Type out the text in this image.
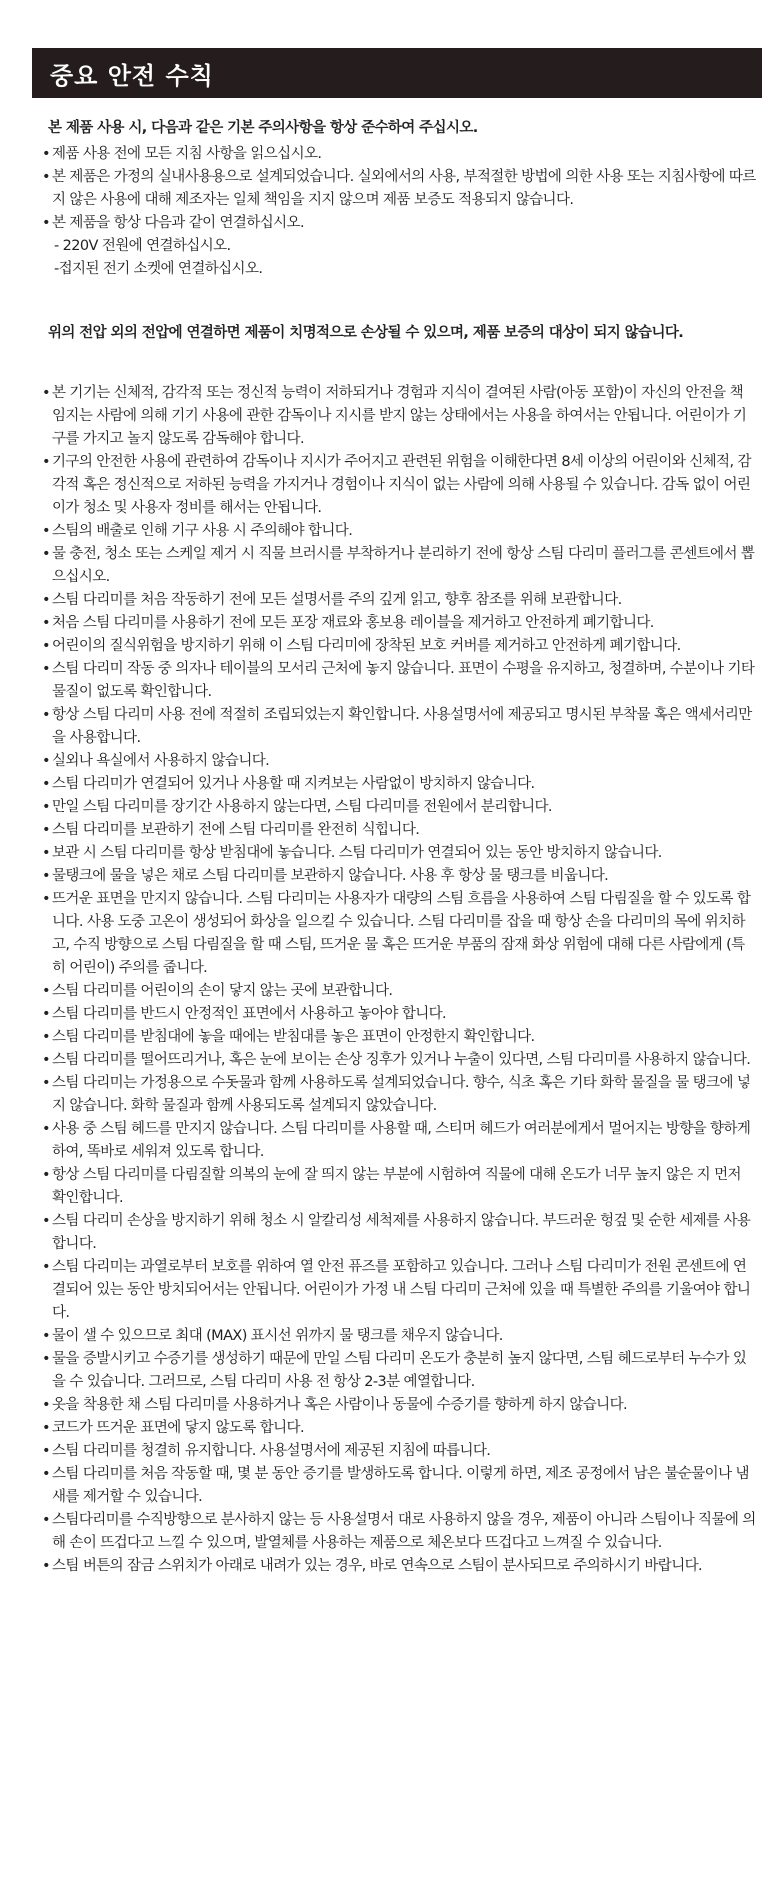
중요 안전 수칙
본 제품 사용 시, 다음과 같은 기본 주의사항을 항상 준수하여 주십시오.
• 제품 사용 전에 모든 지침 사항을 읽으십시오.
• 본 제품은 가정의 실내사용용으로 설계되었습니다. 실외에서의 사용, 부적절한 방법에 의한 사용 또는 지침사항에 따르지 않은 사용에 대해 제조자는 일체 책임을 지지 않으며 제품 보증도 적용되지 않습니다.
• 본 제품을 항상 다음과 같이 연결하십시오.
- 220V 전원에 연결하십시오.
-접지된 전기 소켓에 연결하십시오.
위의 전압 외의 전압에 연결하면 제품이 치명적으로 손상될 수 있으며, 제품 보증의 대상이 되지 않습니다.
• 본 기기는 신체적, 감각적 또는 정신적 능력이 저하되거나 경험과 지식이 결여된 사람(아동 포함)이 자신의 안전을 책임지는 사람에 의해 기기 사용에 관한 감독이나 지시를 받지 않는 상태에서는 사용을 하여서는 안됩니다. 어린이가 기구를 가지고 놀지 않도록 감독해야 합니다.
• 기구의 안전한 사용에 관련하여 감독이나 지시가 주어지고 관련된 위험을 이해한다면 8세 이상의 어린이와 신체적, 감각적 혹은 정신적으로 저하된 능력을 가지거나 경험이나 지식이 없는 사람에 의해 사용될 수 있습니다. 감독 없이 어린이가 청소 및 사용자 정비를 해서는 안됩니다.
• 스팀의 배출로 인해 기구 사용 시 주의해야 합니다.
• 물 충전, 청소 또는 스케일 제거 시 직물 브러시를 부착하거나 분리하기 전에 항상 스팀 다리미 플러그를 콘센트에서 뽑으십시오.
• 스팀 다리미를 처음 작동하기 전에 모든 설명서를 주의 깊게 읽고, 향후 참조를 위해 보관합니다.
• 처음 스팀 다리미를 사용하기 전에 모든 포장 재료와 홍보용 레이블을 제거하고 안전하게 폐기합니다.
• 어린이의 질식위험을 방지하기 위해 이 스팀 다리미에 장착된 보호 커버를 제거하고 안전하게 폐기합니다.
• 스팀 다리미 작동 중 의자나 테이블의 모서리 근처에 놓지 않습니다. 표면이 수평을 유지하고, 청결하며, 수분이나 기타 물질이 없도록 확인합니다.
• 항상 스팀 다리미 사용 전에 적절히 조립되었는지 확인합니다. 사용설명서에 제공되고 명시된 부착물 혹은 액세서리만을 사용합니다.
• 실외나 욕실에서 사용하지 않습니다.
• 스팀 다리미가 연결되어 있거나 사용할 때 지켜보는 사람없이 방치하지 않습니다.
• 만일 스팀 다리미를 장기간 사용하지 않는다면, 스팀 다리미를 전원에서 분리합니다.
• 스팀 다리미를 보관하기 전에 스팀 다리미를 완전히 식힙니다.
• 보관 시 스팀 다리미를 항상 받침대에 놓습니다. 스팀 다리미가 연결되어 있는 동안 방치하지 않습니다.
• 물탱크에 물을 넣은 채로 스팀 다리미를 보관하지 않습니다. 사용 후 항상 물 탱크를 비웁니다.
• 뜨거운 표면을 만지지 않습니다. 스팀 다리미는 사용자가 대량의 스팀 흐름을 사용하여 스팀 다림질을 할 수 있도록 합니다. 사용 도중 고온이 생성되어 화상을 일으킬 수 있습니다. 스팀 다리미를 잡을 때 항상 손을 다리미의 목에 위치하고, 수직 방향으로 스팀 다림질을 할 때 스팀, 뜨거운 물 혹은 뜨거운 부품의 잠재 화상 위험에 대해 다른 사람에게 (특히 어린이) 주의를 줍니다.
• 스팀 다리미를 어린이의 손이 닿지 않는 곳에 보관합니다.
• 스팀 다리미를 반드시 안정적인 표면에서 사용하고 놓아야 합니다.
• 스팀 다리미를 받침대에 놓을 때에는 받침대를 놓은 표면이 안정한지 확인합니다.
• 스팀 다리미를 떨어뜨리거나, 혹은 눈에 보이는 손상 징후가 있거나 누출이 있다면, 스팀 다리미를 사용하지 않습니다.
• 스팀 다리미는 가정용으로 수돗물과 함께 사용하도록 설계되었습니다. 향수, 식초 혹은 기타 화학 물질을 물 탱크에 넣지 않습니다. 화학 물질과 함께 사용되도록 설계되지 않았습니다.
• 사용 중 스팀 헤드를 만지지 않습니다. 스팀 다리미를 사용할 때, 스티머 헤드가 여러분에게서 멀어지는 방향을 향하게 하여, 똑바로 세워져 있도록 합니다.
• 항상 스팀 다리미를 다림질할 의복의 눈에 잘 띄지 않는 부분에 시험하여 직물에 대해 온도가 너무 높지 않은 지 먼저 확인합니다.
• 스팀 다리미 손상을 방지하기 위해 청소 시 알칼리성 세척제를 사용하지 않습니다. 부드러운 헝겊 및 순한 세제를 사용합니다.
• 스팀 다리미는 과열로부터 보호를 위하여 열 안전 퓨즈를 포함하고 있습니다. 그러나 스팀 다리미가 전원 콘센트에 연결되어 있는 동안 방치되어서는 안됩니다. 어린이가 가정 내 스팀 다리미 근처에 있을 때 특별한 주의를 기울여야 합니다.
• 물이 샐 수 있으므로 최대 (MAX) 표시선 위까지 물 탱크를 채우지 않습니다.
• 물을 증발시키고 수증기를 생성하기 때문에 만일 스팀 다리미 온도가 충분히 높지 않다면, 스팀 헤드로부터 누수가 있을 수 있습니다. 그러므로, 스팀 다리미 사용 전 항상 2-3분 예열합니다.
• 옷을 착용한 채 스팀 다리미를 사용하거나 혹은 사람이나 동물에 수증기를 향하게 하지 않습니다.
• 코드가 뜨거운 표면에 닿지 않도록 합니다.
• 스팀 다리미를 청결히 유지합니다. 사용설명서에 제공된 지침에 따릅니다.
• 스팀 다리미를 처음 작동할 때, 몇 분 동안 증기를 발생하도록 합니다. 이렇게 하면, 제조 공정에서 남은 불순물이나 냄새를 제거할 수 있습니다.
• 스팀다리미를 수직방향으로 분사하지 않는 등 사용설명서 대로 사용하지 않을 경우, 제품이 아니라 스팀이나 직물에 의해 손이 뜨겁다고 느낄 수 있으며, 발열체를 사용하는 제품으로 체온보다 뜨겁다고 느껴질 수 있습니다.
• 스팀 버튼의 잠금 스위치가 아래로 내려가 있는 경우, 바로 연속으로 스팀이 분사되므로 주의하시기 바랍니다.
